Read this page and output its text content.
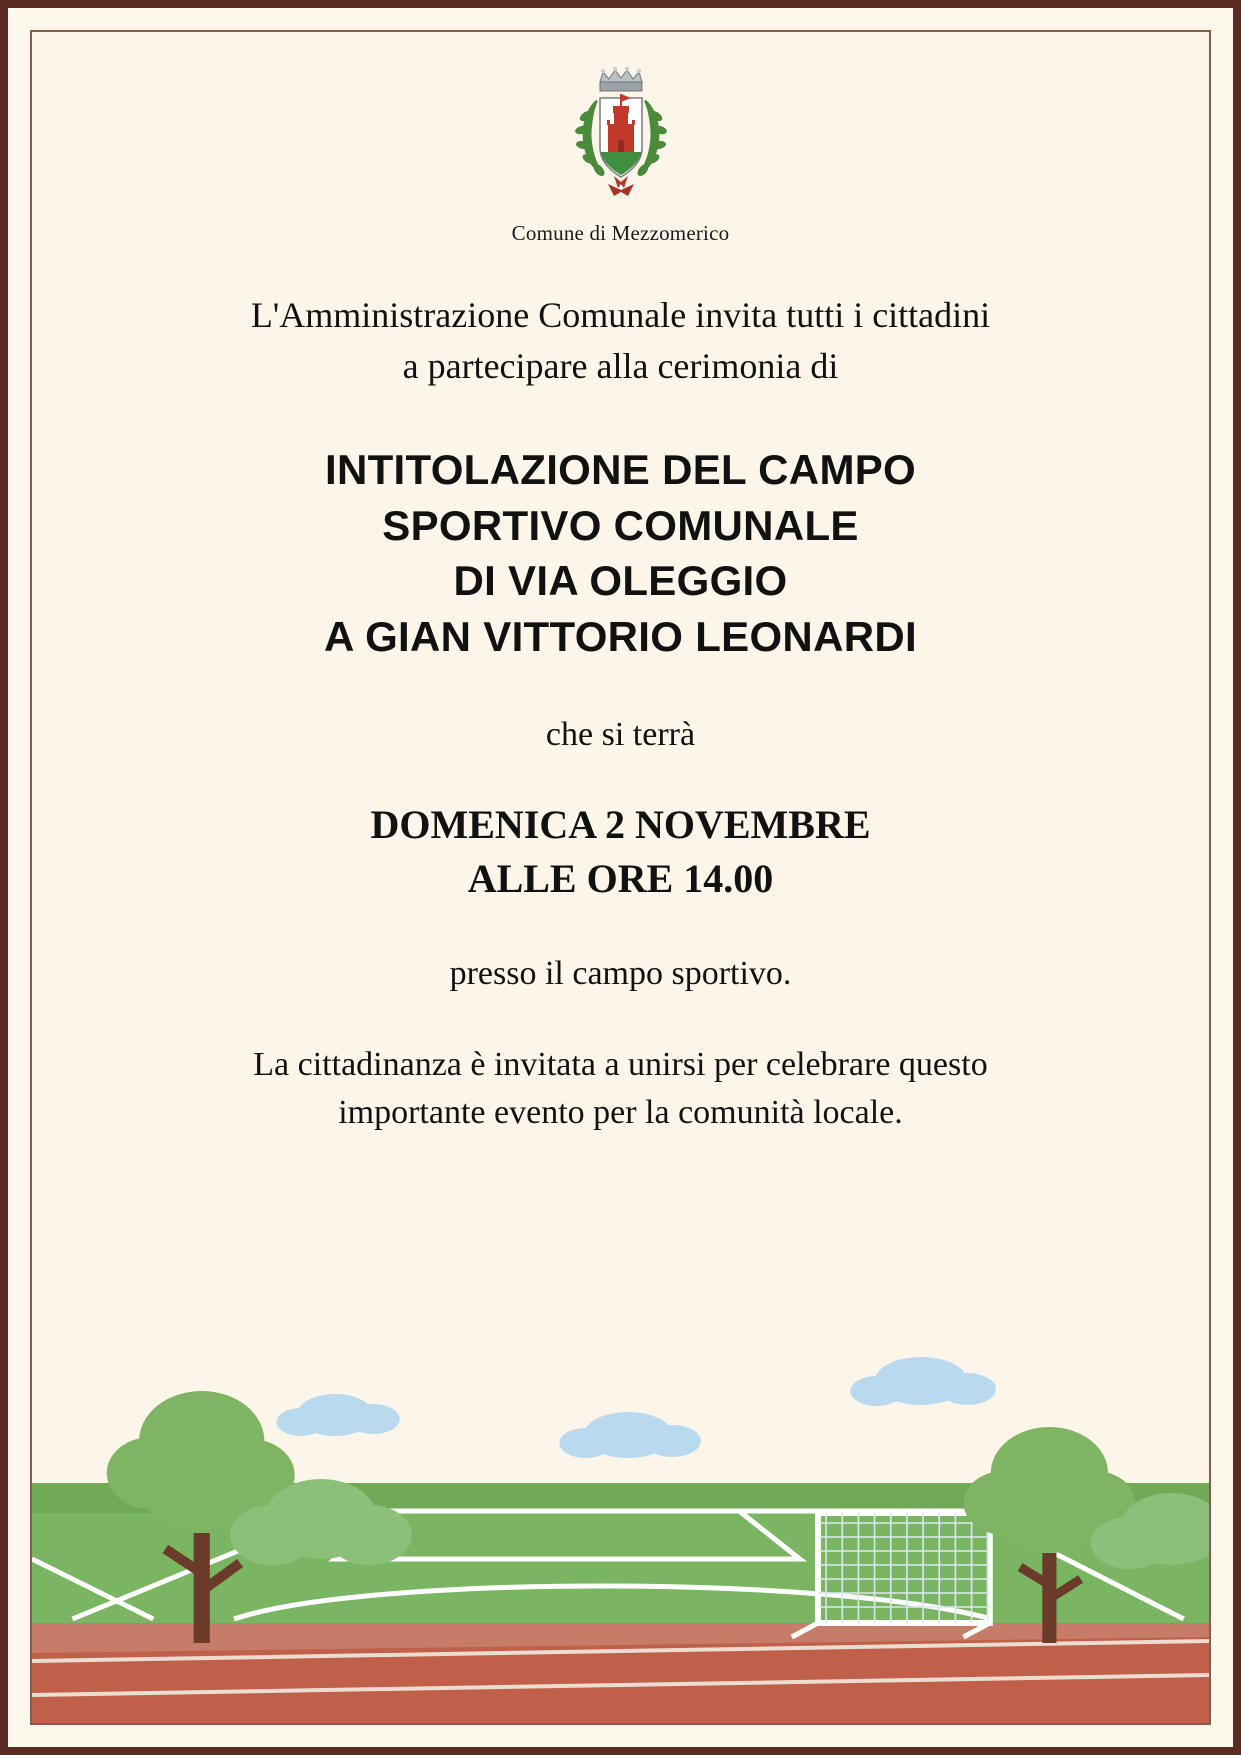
Comune di Mezzomerico
L'Amministrazione Comunale invita tutti i cittadini
a partecipare alla cerimonia di
INTITOLAZIONE DEL CAMPO
SPORTIVO COMUNALE
DI VIA OLEGGIO
A GIAN VITTORIO LEONARDI
che si terrà
DOMENICA 2 NOVEMBRE
ALLE ORE 14.00
presso il campo sportivo.
La cittadinanza è invitata a unirsi per celebrare questo
importante evento per la comunità locale.
